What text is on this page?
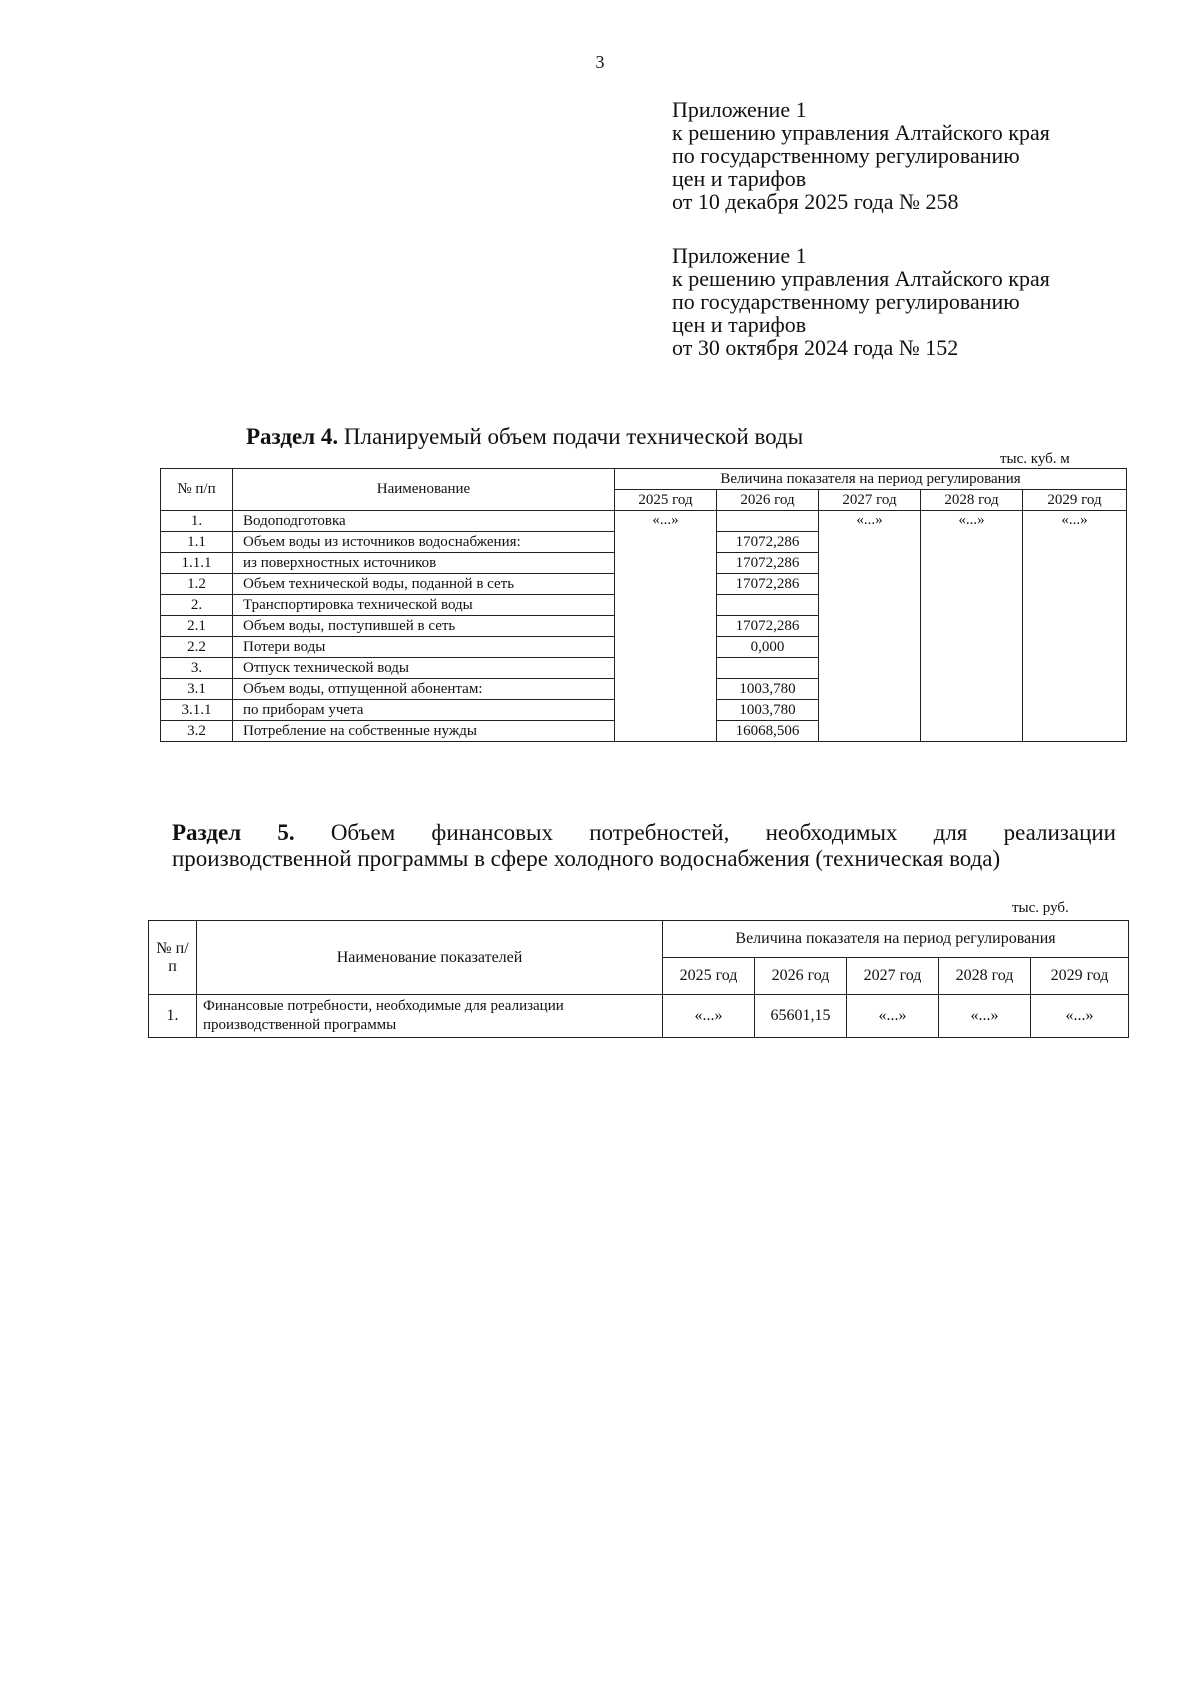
3
Приложение 1
к решению управления Алтайского края
по государственному регулированию
цен и тарифов
от 10 декабря 2025 года № 258
Приложение 1
к решению управления Алтайского края
по государственному регулированию
цен и тарифов
от 30 октября 2024 года № 152
Раздел 4. Планируемый объем подачи технической воды
тыс. куб. м
№ п/п	Наименование	Величина показателя на период регулирования				
		2025 год	2026 год	2027 год	2028 год	2029 год
1.	Водоподготовка	«...»		«...»	«...»	«...»
1.1	Объем воды из источников водоснабжения:		17072,286			
1.1.1	из поверхностных источников		17072,286			
1.2	Объем технической воды, поданной в сеть		17072,286			
2.	Транспортировка технической воды					
2.1	Объем воды, поступившей в сеть		17072,286			
2.2	Потери воды		0,000			
3.	Отпуск технической воды					
3.1	Объем воды, отпущенной абонентам:		1003,780			
3.1.1	по приборам учета		1003,780			
3.2	Потребление на собственные нужды		16068,506			
Раздел 5. Объем финансовых потребностей, необходимых для реализации
производственной программы в сфере холодного водоснабжения (техническая вода)
тыс. руб.
№ п/п	Наименование показателей	Величина показателя на период регулирования				
		2025 год	2026 год	2027 год	2028 год	2029 год
1.	Финансовые потребности, необходимые для реализации производственной программы	«...»	65601,15	«...»	«...»	«...»
